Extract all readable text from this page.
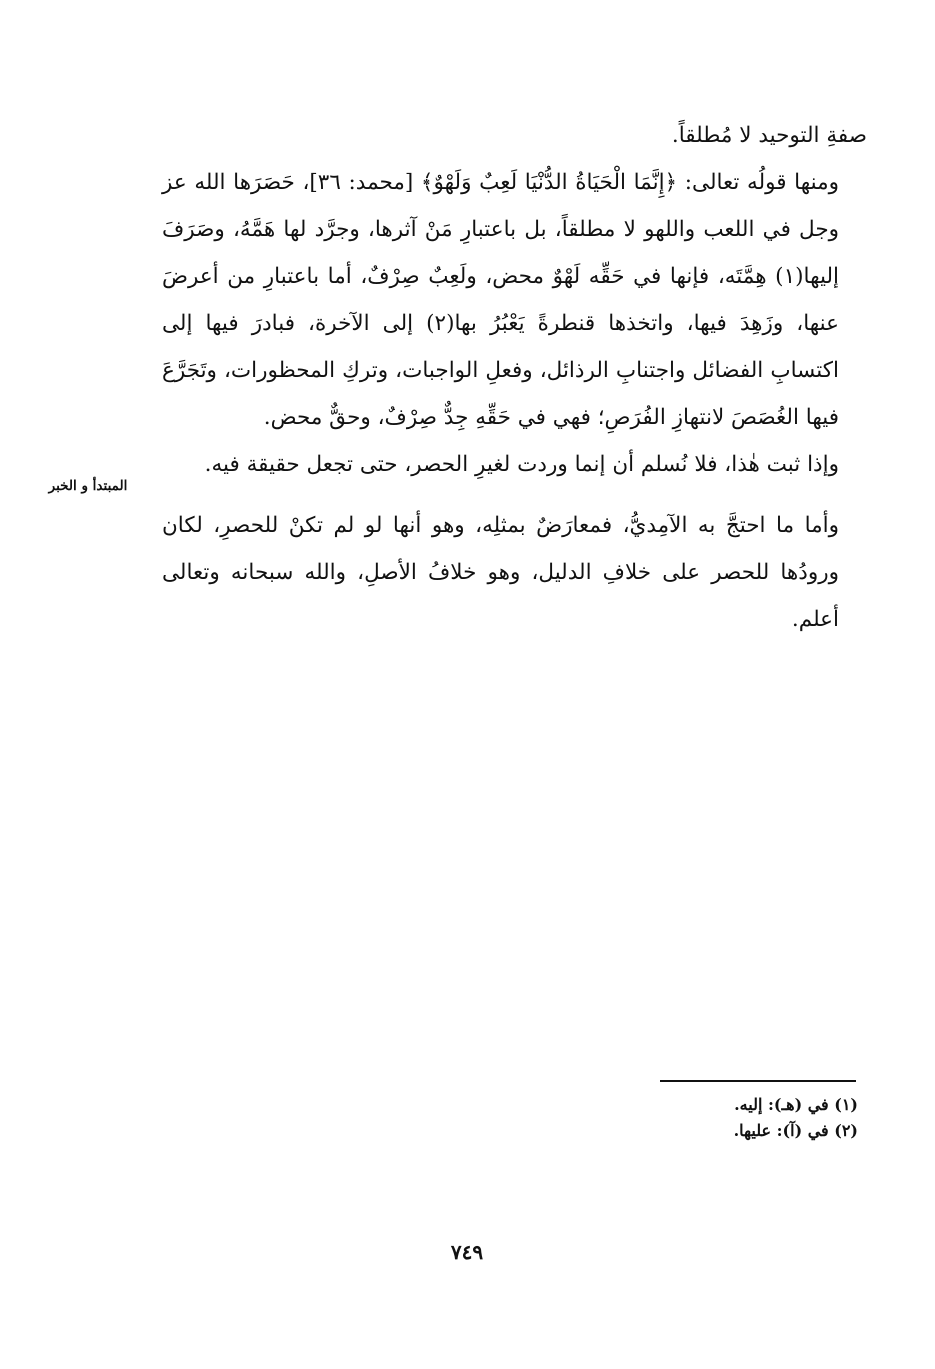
صفةِ التوحيد لا مُطلقاً.

ومنها قولُه تعالى: ﴿إِنَّمَا الْحَيَاةُ الدُّنْيَا لَعِبٌ وَلَهْوٌ﴾ [محمد: ٣٦]، حَصَرَها الله عز وجل في اللعب واللهو لا مطلقاً، بل باعتبارِ مَنْ آثرها، وجرَّد لها هَمَّهُ، وصَرَفَ إليها(١) هِمَّتَه، فإنها في حَقِّه لَهْوٌ محض، ولَعِبٌ صِرْفٌ، أما باعتبارِ من أعرضَ عنها، وزَهِدَ فيها، واتخذها قنطرةً يَعْبُرُ بها(٢) إلى الآخرة، فبادرَ فيها إلى اكتسابِ الفضائل واجتنابِ الرذائل، وفعلِ الواجبات، وتركِ المحظورات، وتَجَرَّعَ فيها الغُصَصَ لانتهازِ الفُرَصِ؛ فهي في حَقِّهِ جِدٌّ صِرْفٌ، وحقٌّ محض.

وإذا ثبت هٰذا، فلا نُسلم أن إنما وردت لغيرِ الحصر، حتى تجعل حقيقة فيه.

وأما ما احتجَّ به الآمِديُّ، فمعارَضٌ بمثلِه، وهو أنها لو لم تكنْ للحصرِ، لكان ورودُها للحصر على خلافِ الدليل، وهو خلافُ الأصلِ، والله سبحانه وتعالى أعلم.

المبتدأ و الخبر
(١) في (هـ): إليه.
(٢) في (آ): عليها.
٧٤٩
